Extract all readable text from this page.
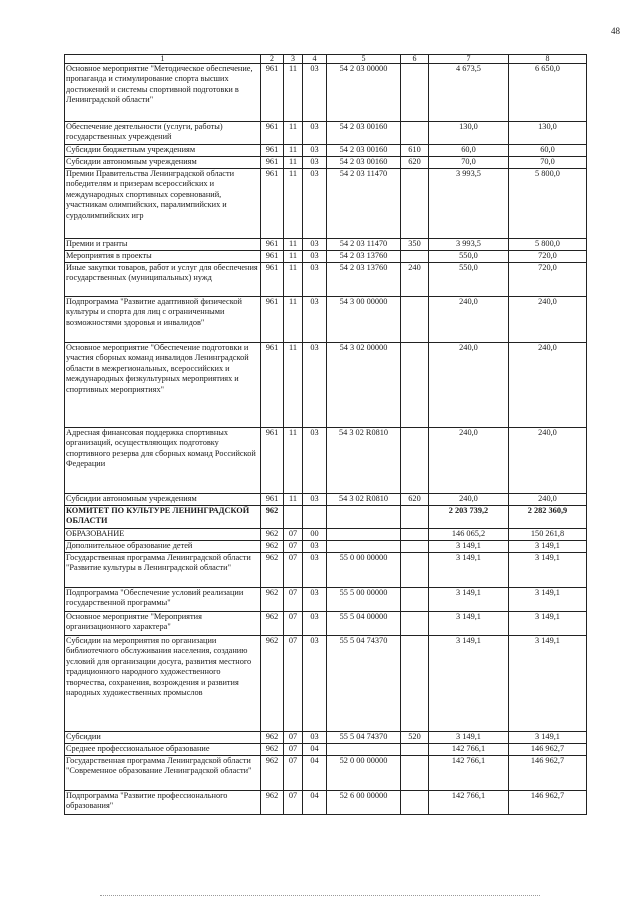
48
1	2	3	4	5	6	7	8
Основное мероприятие "Методическое обеспечение, пропаганда и стимулирование спорта высших достижений и системы спортивной подготовки в Ленинградской области"	961	11	03	54 2 03 00000		4 673,5	6 650,0
Обеспечение деятельности (услуги, работы) государственных учреждений	961	11	03	54 2 03 00160		130,0	130,0
Субсидии бюджетным учреждениям	961	11	03	54 2 03 00160	610	60,0	60,0
Субсидии автономным учреждениям	961	11	03	54 2 03 00160	620	70,0	70,0
Премии Правительства Ленинградской области победителям и призерам всероссийских и международных спортивных соревнований, участникам олимпийских, паралимпийских и сурдолимпийских игр	961	11	03	54 2 03 11470		3 993,5	5 800,0
Премии и гранты	961	11	03	54 2 03 11470	350	3 993,5	5 800,0
Мероприятия в проекты	961	11	03	54 2 03 13760		550,0	720,0
Иные закупки товаров, работ и услуг для обеспечения государственных (муниципальных) нужд	961	11	03	54 2 03 13760	240	550,0	720,0
Подпрограмма "Развитие адаптивной физической культуры и спорта для лиц с ограниченными возможностями здоровья и инвалидов"	961	11	03	54 3 00 00000		240,0	240,0
Основное мероприятие "Обеспечение подготовки и участия сборных команд инвалидов Ленинградской области в межрегиональных, всероссийских и международных физкультурных мероприятиях и спортивных мероприятиях"	961	11	03	54 3 02 00000		240,0	240,0
Адресная финансовая поддержка спортивных организаций, осуществляющих подготовку спортивного резерва для сборных команд Российской Федерации	961	11	03	54 3 02 R0810		240,0	240,0
Субсидии автономным учреждениям	961	11	03	54 3 02 R0810	620	240,0	240,0
КОМИТЕТ ПО КУЛЬТУРЕ ЛЕНИНГРАДСКОЙ ОБЛАСТИ	962					2 203 739,2	2 282 360,9
ОБРАЗОВАНИЕ	962	07	00			146 065,2	150 261,8
Дополнительное образование детей	962	07	03			3 149,1	3 149,1
Государственная программа Ленинградской области "Развитие культуры в Ленинградской области"	962	07	03	55 0 00 00000		3 149,1	3 149,1
Подпрограмма "Обеспечение условий реализации государственной программы"	962	07	03	55 5 00 00000		3 149,1	3 149,1
Основное мероприятие "Мероприятия организационного характера"	962	07	03	55 5 04 00000		3 149,1	3 149,1
Субсидии на мероприятия по организации библиотечного обслуживания населения, созданию условий для организации досуга, развития местного традиционного народного художественного творчества, сохранения, возрождения и развития народных художественных промыслов	962	07	03	55 5 04 74370		3 149,1	3 149,1
Субсидии	962	07	03	55 5 04 74370	520	3 149,1	3 149,1
Среднее профессиональное образование	962	07	04			142 766,1	146 962,7
Государственная программа Ленинградской области "Современное образование Ленинградской области"	962	07	04	52 0 00 00000		142 766,1	146 962,7
Подпрограмма "Развитие профессионального образования"	962	07	04	52 6 00 00000		142 766,1	146 962,7
